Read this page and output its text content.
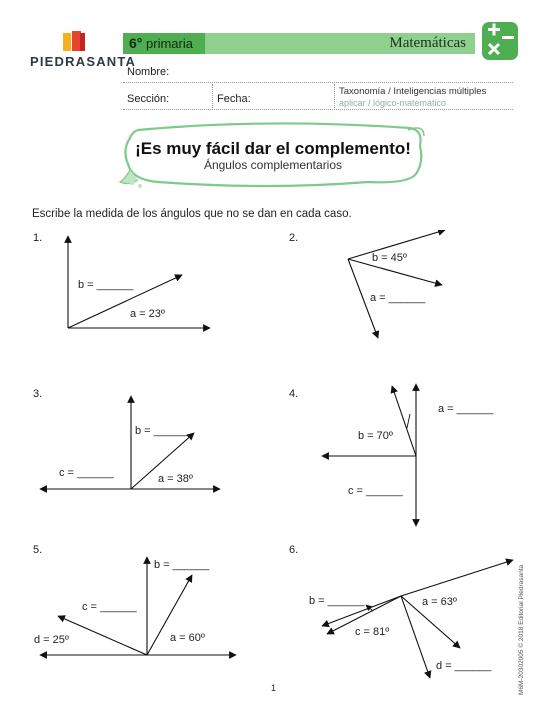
PIEDRASANTA
6° primaria	Matemáticas
Nombre:
Sección:	Fecha:
Taxonomía / Inteligencias múltiples
aplicar / lógico-matemático
¡Es muy fácil dar el complemento!
Ángulos complementarios
Escribe la medida de los ángulos que no se dan en cada caso.
1.	2.
3.	4.
5.	6.
b = ______
a = 23º
b = 45º
a = ______
b = ______
c = ______	a = 38º
a = ______
b = 70º
c = ______
b = ______
c = ______
d = 25º	a = 60º
b = ______	a = 63º
c = 81º
d = ______
1	M6M-20302005 © 2018 Editorial Piedrasanta
